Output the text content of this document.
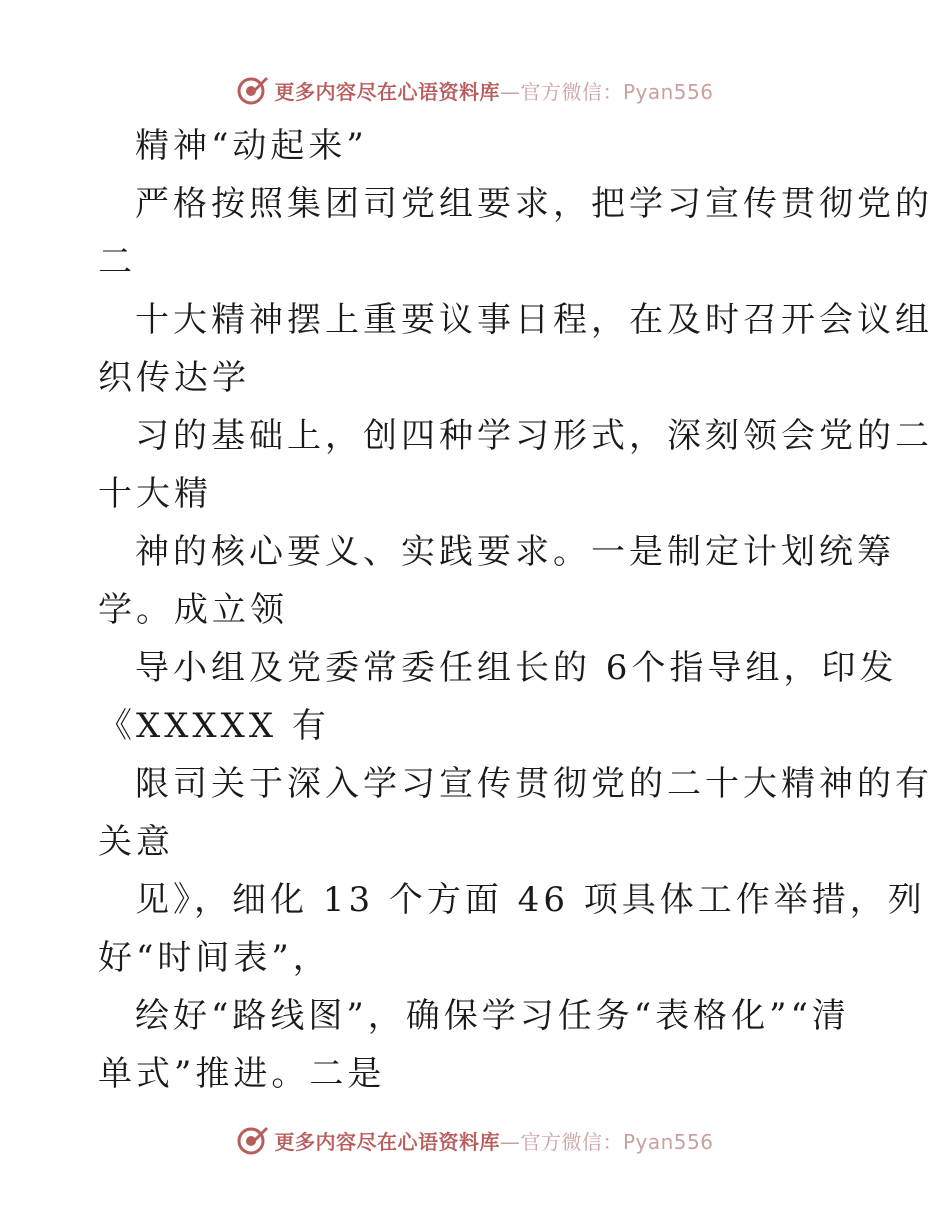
更多内容尽在心语资料库—官方微信：Pyan556
精神“动起来”
严格按照集团司党组要求，把学习宣传贯彻党的
二
十大精神摆上重要议事日程，在及时召开会议组
织传达学
习的基础上，创四种学习形式，深刻领会党的二
十大精
神的核心要义、实践要求。一是制定计划统筹
学。成立领
导小组及党委常委任组长的 6个指导组，印发
《XXXXX 有
限司关于深入学习宣传贯彻党的二十大精神的有
关意
见》，细化 13 个方面 46 项具体工作举措，列
好“时间表”，
绘好“路线图”，确保学习任务“表格化”“清
单式”推进。二是
更多内容尽在心语资料库—官方微信：Pyan556
